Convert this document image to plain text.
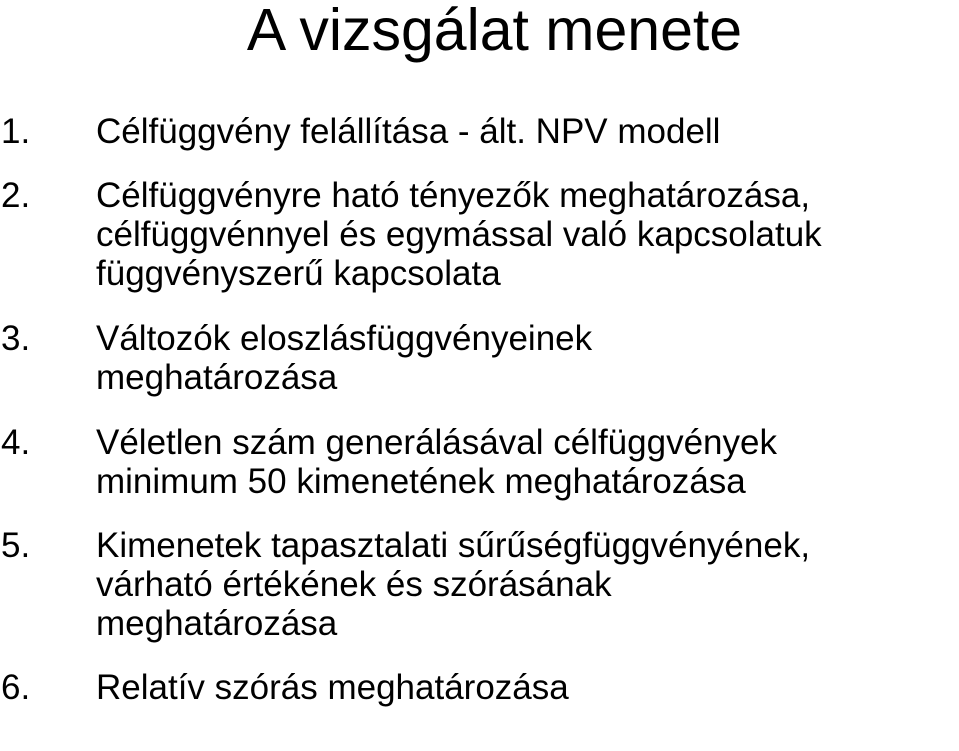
A vizsgálat menete
1. Célfüggvény felállítása - ált. NPV modell
2. Célfüggvényre ható tényezők meghatározása,
célfüggvénnyel és egymással való kapcsolatuk
függvényszerű kapcsolata
3. Változók eloszlásfüggvényeinek
meghatározása
4. Véletlen szám generálásával célfüggvények
minimum 50 kimenetének meghatározása
5. Kimenetek tapasztalati sűrűségfüggvényének,
várható értékének és szórásának
meghatározása
6. Relatív szórás meghatározása
